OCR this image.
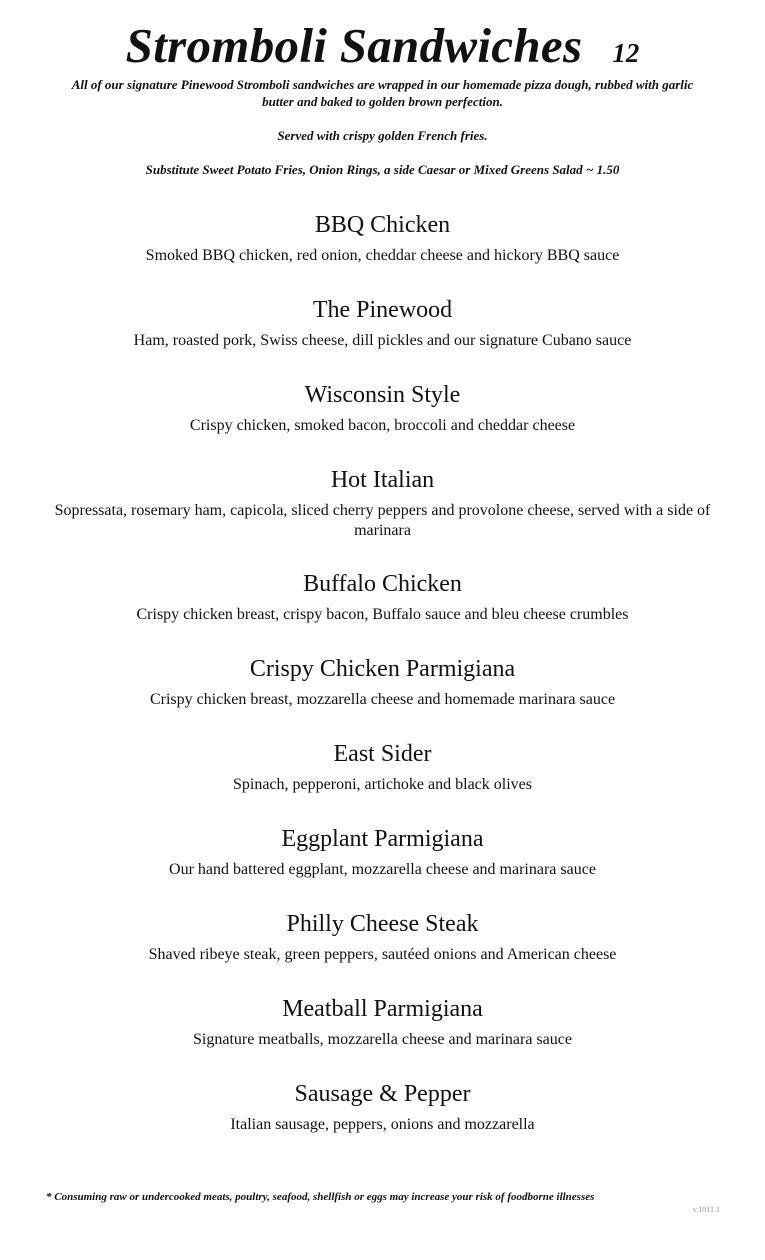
Stromboli Sandwiches 12
All of our signature Pinewood Stromboli sandwiches are wrapped in our homemade pizza dough, rubbed with garlic butter and baked to golden brown perfection.
Served with crispy golden French fries.
Substitute Sweet Potato Fries, Onion Rings, a side Caesar or Mixed Greens Salad ~ 1.50
BBQ Chicken
Smoked BBQ chicken, red onion, cheddar cheese and hickory BBQ sauce
The Pinewood
Ham, roasted pork, Swiss cheese, dill pickles and our signature Cubano sauce
Wisconsin Style
Crispy chicken, smoked bacon, broccoli and cheddar cheese
Hot Italian
Sopressata, rosemary ham, capicola, sliced cherry peppers and provolone cheese, served with a side of marinara
Buffalo Chicken
Crispy chicken breast, crispy bacon, Buffalo sauce and bleu cheese crumbles
Crispy Chicken Parmigiana
Crispy chicken breast, mozzarella cheese and homemade marinara sauce
East Sider
Spinach, pepperoni, artichoke and black olives
Eggplant Parmigiana
Our hand battered eggplant, mozzarella cheese and marinara sauce
Philly Cheese Steak
Shaved ribeye steak, green peppers, sautéed onions and American cheese
Meatball Parmigiana
Signature meatballs, mozzarella cheese and marinara sauce
Sausage & Pepper
Italian sausage, peppers, onions and mozzarella
* Consuming raw or undercooked meats, poultry, seafood, shellfish or eggs may increase your risk of foodborne illnesses
v.1011.1
